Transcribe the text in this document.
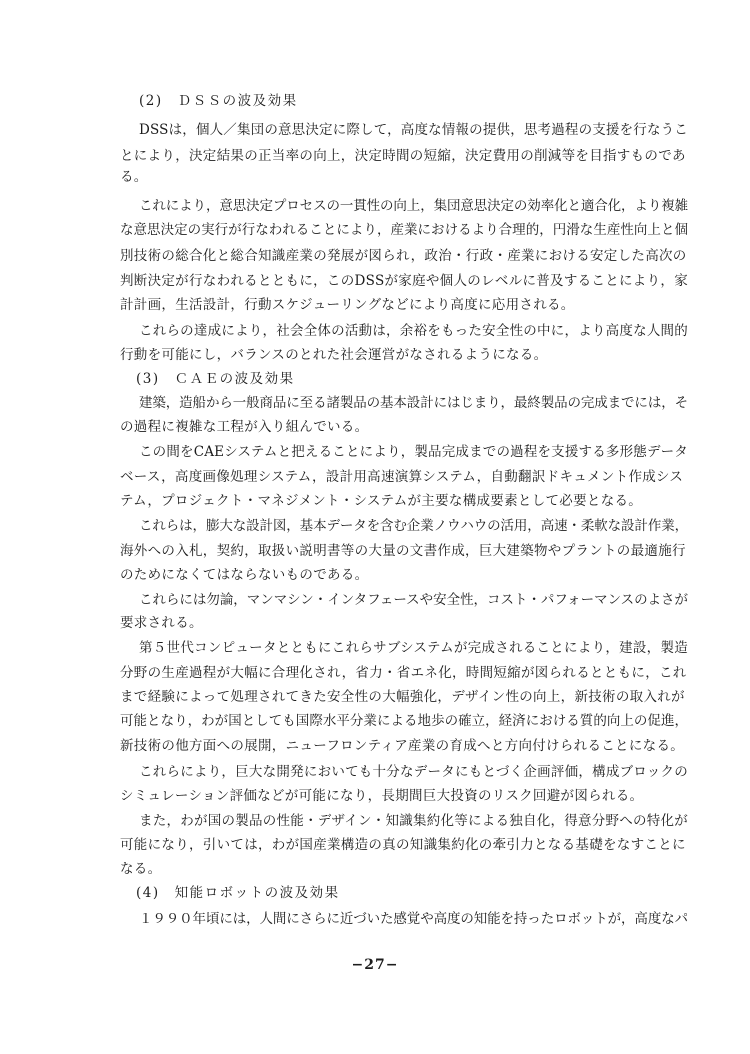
(2)　ＤＳＳの波及効果
DSSは，個人／集団の意思決定に際して，高度な情報の提供，思考過程の支援を行なうこ
とにより，決定結果の正当率の向上，決定時間の短縮，決定費用の削減等を目指すものであ
る。
これにより，意思決定プロセスの一貫性の向上，集団意思決定の効率化と適合化，より複雑
な意思決定の実行が行なわれることにより，産業におけるより合理的，円滑な生産性向上と個
別技術の総合化と総合知識産業の発展が図られ，政治・行政・産業における安定した高次の
判断決定が行なわれるとともに，このDSSが家庭や個人のレベルに普及することにより，家
計計画，生活設計，行動スケジューリングなどにより高度に応用される。
これらの達成により，社会全体の活動は，余裕をもった安全性の中に，より高度な人間的
行動を可能にし，バランスのとれた社会運営がなされるようになる。
(3)　ＣＡＥの波及効果
建築，造船から一般商品に至る諸製品の基本設計にはじまり，最終製品の完成までには，そ
の過程に複雑な工程が入り組んでいる。
この間をCAEシステムと把えることにより，製品完成までの過程を支援する多形態データ
ベース，高度画像処理システム，設計用高速演算システム，自動翻訳ドキュメント作成シス
テム，プロジェクト・マネジメント・システムが主要な構成要素として必要となる。
これらは，膨大な設計図，基本データを含む企業ノウハウの活用，高速・柔軟な設計作業，
海外への入札，契約，取扱い説明書等の大量の文書作成，巨大建築物やプラントの最適施行
のためになくてはならないものである。
これらには勿論，マンマシン・インタフェースや安全性，コスト・パフォーマンスのよさが
要求される。
第５世代コンピュータとともにこれらサブシステムが完成されることにより，建設，製造
分野の生産過程が大幅に合理化され，省力・省エネ化，時間短縮が図られるとともに，これ
まで経験によって処理されてきた安全性の大幅強化，デザイン性の向上，新技術の取入れが
可能となり，わが国としても国際水平分業による地歩の確立，経済における質的向上の促進，
新技術の他方面への展開，ニューフロンティア産業の育成へと方向付けられることになる。
これらにより，巨大な開発においても十分なデータにもとづく企画評価，構成ブロックの
シミュレーション評価などが可能になり，長期間巨大投資のリスク回避が図られる。
また，わが国の製品の性能・デザイン・知識集約化等による独自化，得意分野への特化が
可能になり，引いては，わが国産業構造の真の知識集約化の牽引力となる基礎をなすことに
なる。
(4)　知能ロボットの波及効果
１９９０年頃には，人間にさらに近づいた感覚や高度の知能を持ったロボットが，高度なパ
−27−
